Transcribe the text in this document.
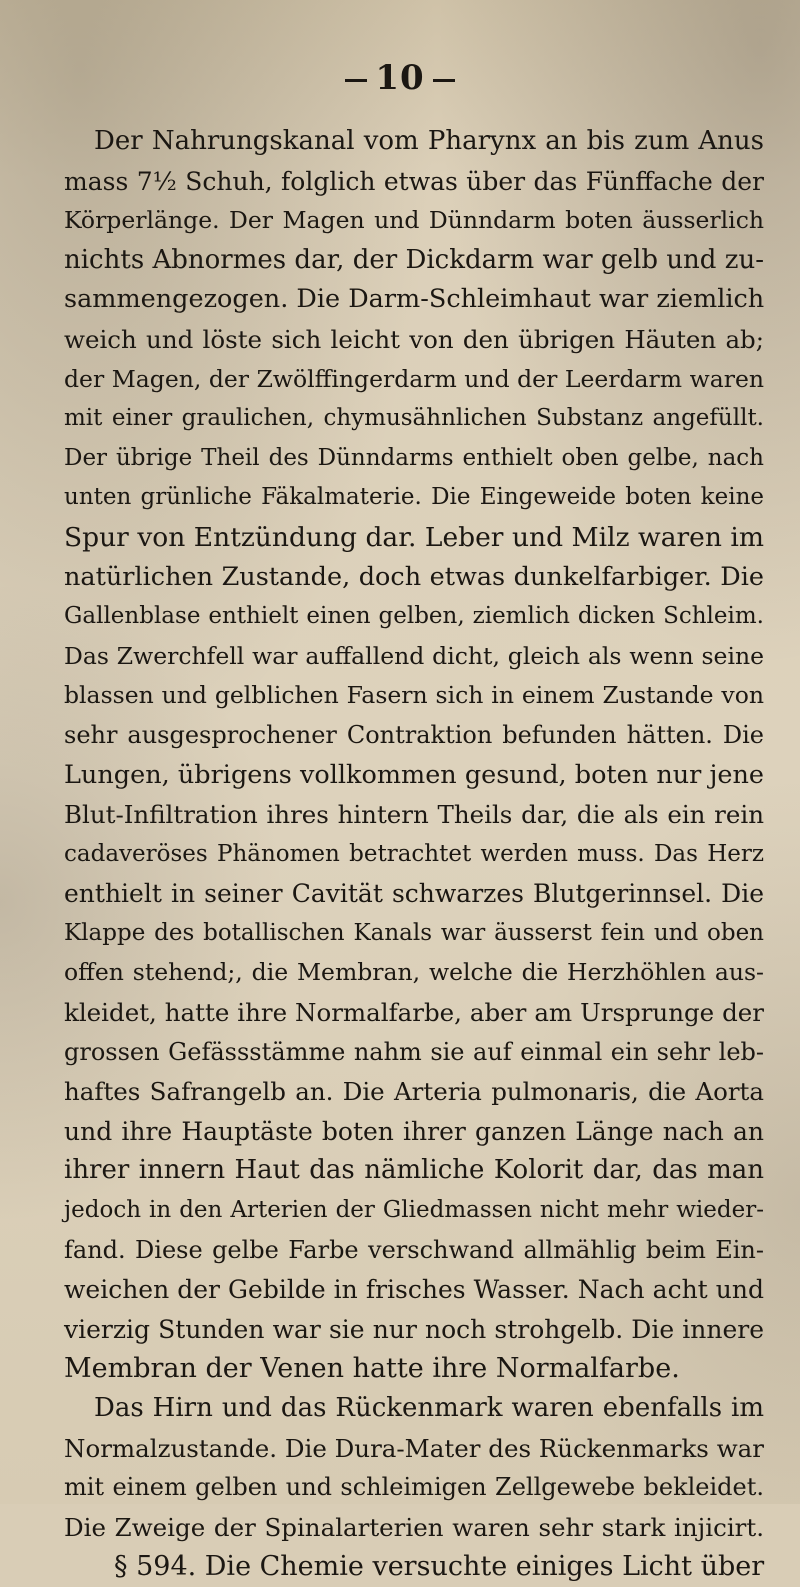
10
Der Nahrungskanal vom Pharynx an bis zum Anus
mass 7½ Schuh, folglich etwas über das Fünffache der
Körperlänge. Der Magen und Dünndarm boten äusserlich
nichts Abnormes dar, der Dickdarm war gelb und zu-
sammengezogen. Die Darm-Schleimhaut war ziemlich
weich und löste sich leicht von den übrigen Häuten ab;
der Magen, der Zwölffingerdarm und der Leerdarm waren
mit einer graulichen, chymusähnlichen Substanz angefüllt.
Der übrige Theil des Dünndarms enthielt oben gelbe, nach
unten grünliche Fäkalmaterie. Die Eingeweide boten keine
Spur von Entzündung dar. Leber und Milz waren im
natürlichen Zustande, doch etwas dunkelfarbiger. Die
Gallenblase enthielt einen gelben, ziemlich dicken Schleim.
Das Zwerchfell war auffallend dicht, gleich als wenn seine
blassen und gelblichen Fasern sich in einem Zustande von
sehr ausgesprochener Contraktion befunden hätten. Die
Lungen, übrigens vollkommen gesund, boten nur jene
Blut-Infiltration ihres hintern Theils dar, die als ein rein
cadaveröses Phänomen betrachtet werden muss. Das Herz
enthielt in seiner Cavität schwarzes Blutgerinnsel. Die
Klappe des botallischen Kanals war äusserst fein und oben
offen stehend;, die Membran, welche die Herzhöhlen aus-
kleidet, hatte ihre Normalfarbe, aber am Ursprunge der
grossen Gefässstämme nahm sie auf einmal ein sehr leb-
haftes Safrangelb an. Die Arteria pulmonaris, die Aorta
und ihre Hauptäste boten ihrer ganzen Länge nach an
ihrer innern Haut das nämliche Kolorit dar, das man
jedoch in den Arterien der Gliedmassen nicht mehr wieder-
fand. Diese gelbe Farbe verschwand allmählig beim Ein-
weichen der Gebilde in frisches Wasser. Nach acht und
vierzig Stunden war sie nur noch strohgelb. Die innere
Membran der Venen hatte ihre Normalfarbe.
Das Hirn und das Rückenmark waren ebenfalls im
Normalzustande. Die Dura-Mater des Rückenmarks war
mit einem gelben und schleimigen Zellgewebe bekleidet.
Die Zweige der Spinalarterien waren sehr stark injicirt.
§ 594. Die Chemie versuchte einiges Licht über
